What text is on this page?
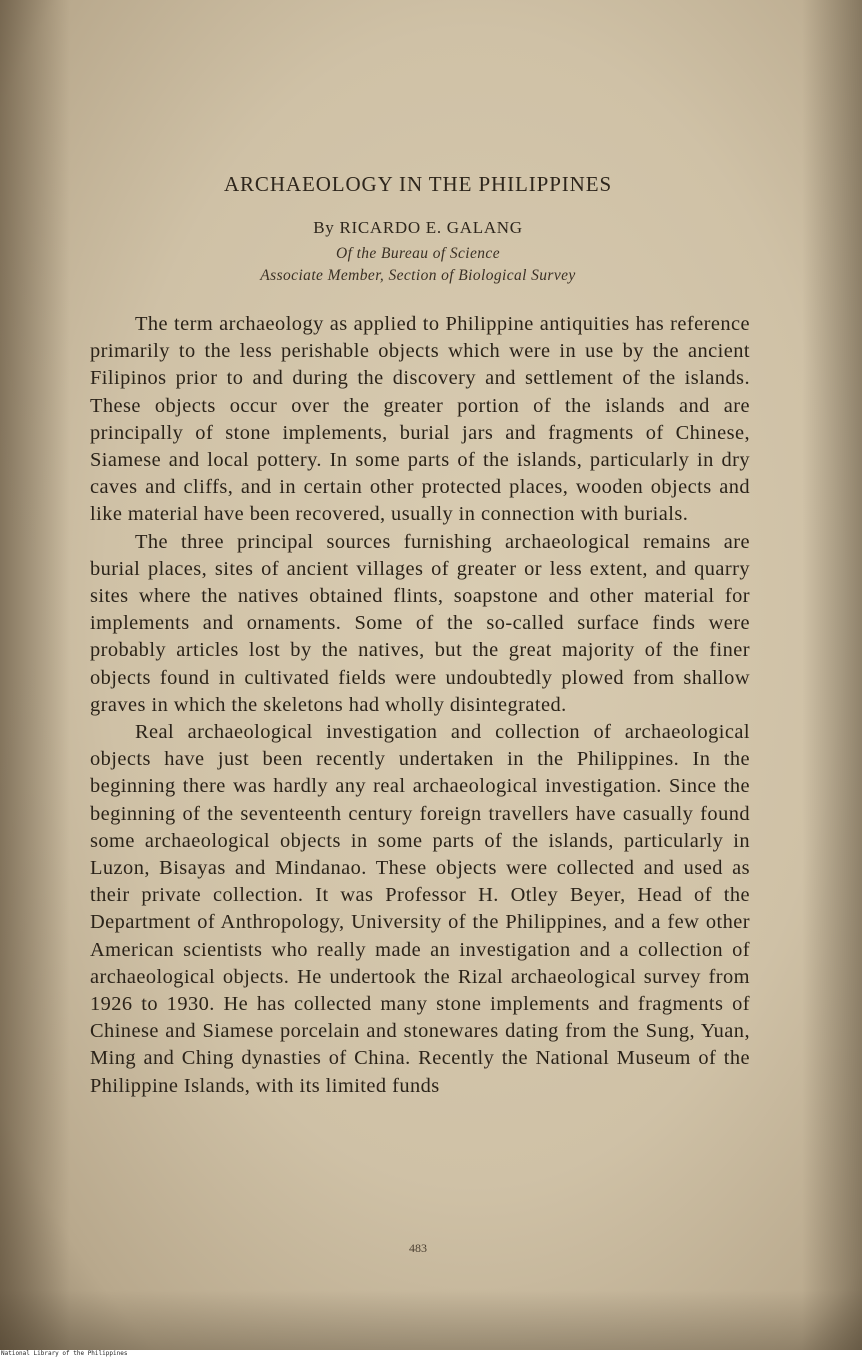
ARCHAEOLOGY IN THE PHILIPPINES
By RICARDO E. GALANG
Of the Bureau of Science
Associate Member, Section of Biological Survey

The term archaeology as applied to Philippine antiquities has reference primarily to the less perishable objects which were in use by the ancient Filipinos prior to and during the discovery and settlement of the islands. These objects occur over the greater portion of the islands and are principally of stone implements, burial jars and fragments of Chinese, Siamese and local pottery. In some parts of the islands, particularly in dry caves and cliffs, and in certain other protected places, wooden objects and like material have been recovered, usually in connection with burials.

The three principal sources furnishing archaeological remains are burial places, sites of ancient villages of greater or less extent, and quarry sites where the natives obtained flints, soapstone and other material for implements and ornaments. Some of the so-called surface finds were probably articles lost by the natives, but the great majority of the finer objects found in cultivated fields were undoubtedly plowed from shallow graves in which the skeletons had wholly disintegrated.

Real archaeological investigation and collection of archaeological objects have just been recently undertaken in the Philippines. In the beginning there was hardly any real archaeological investigation. Since the beginning of the seventeenth century foreign travellers have casually found some archaeological objects in some parts of the islands, particularly in Luzon, Bisayas and Mindanao. These objects were collected and used as their private collection. It was Professor H. Otley Beyer, Head of the Department of Anthropology, University of the Philippines, and a few other American scientists who really made an investigation and a collection of archaeological objects. He undertook the Rizal archaeological survey from 1926 to 1930. He has collected many stone implements and fragments of Chinese and Siamese porcelain and stonewares dating from the Sung, Yuan, Ming and Ching dynasties of China. Recently the National Museum of the Philippine Islands, with its limited funds

483
National Library of the Philippines
